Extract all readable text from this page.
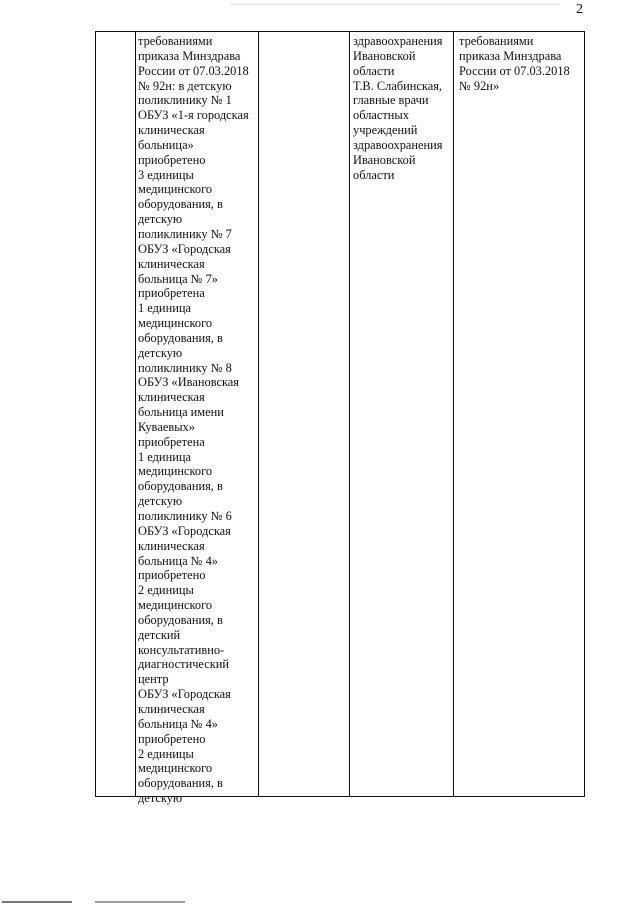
2
требованиями
приказа Минздрава
России от 07.03.2018
№ 92н: в детскую
поликлинику № 1
ОБУЗ «1-я городская
клиническая
больница»
приобретено
3 единицы
медицинского
оборудования, в
детскую
поликлинику № 7
ОБУЗ «Городская
клиническая
больница № 7»
приобретена
1 единица
медицинского
оборудования, в
детскую
поликлинику № 8
ОБУЗ «Ивановская
клиническая
больница имени
Кувaевых»
приобретена
1 единица
медицинского
оборудования, в
детскую
поликлинику № 6
ОБУЗ «Городская
клиническая
больница № 4»
приобретено
2 единицы
медицинского
оборудования, в
детский
консультативно-
диагностический
центр
ОБУЗ «Городская
клиническая
больница № 4»
приобретено
2 единицы
медицинского
оборудования, в
детскую
здравоохранения
Ивановской
области
Т.В. Слабинская,
главные врачи
областных
учреждений
здравоохранения
Ивановской
области
требованиями
приказа Минздрава
России от 07.03.2018
№ 92н»
